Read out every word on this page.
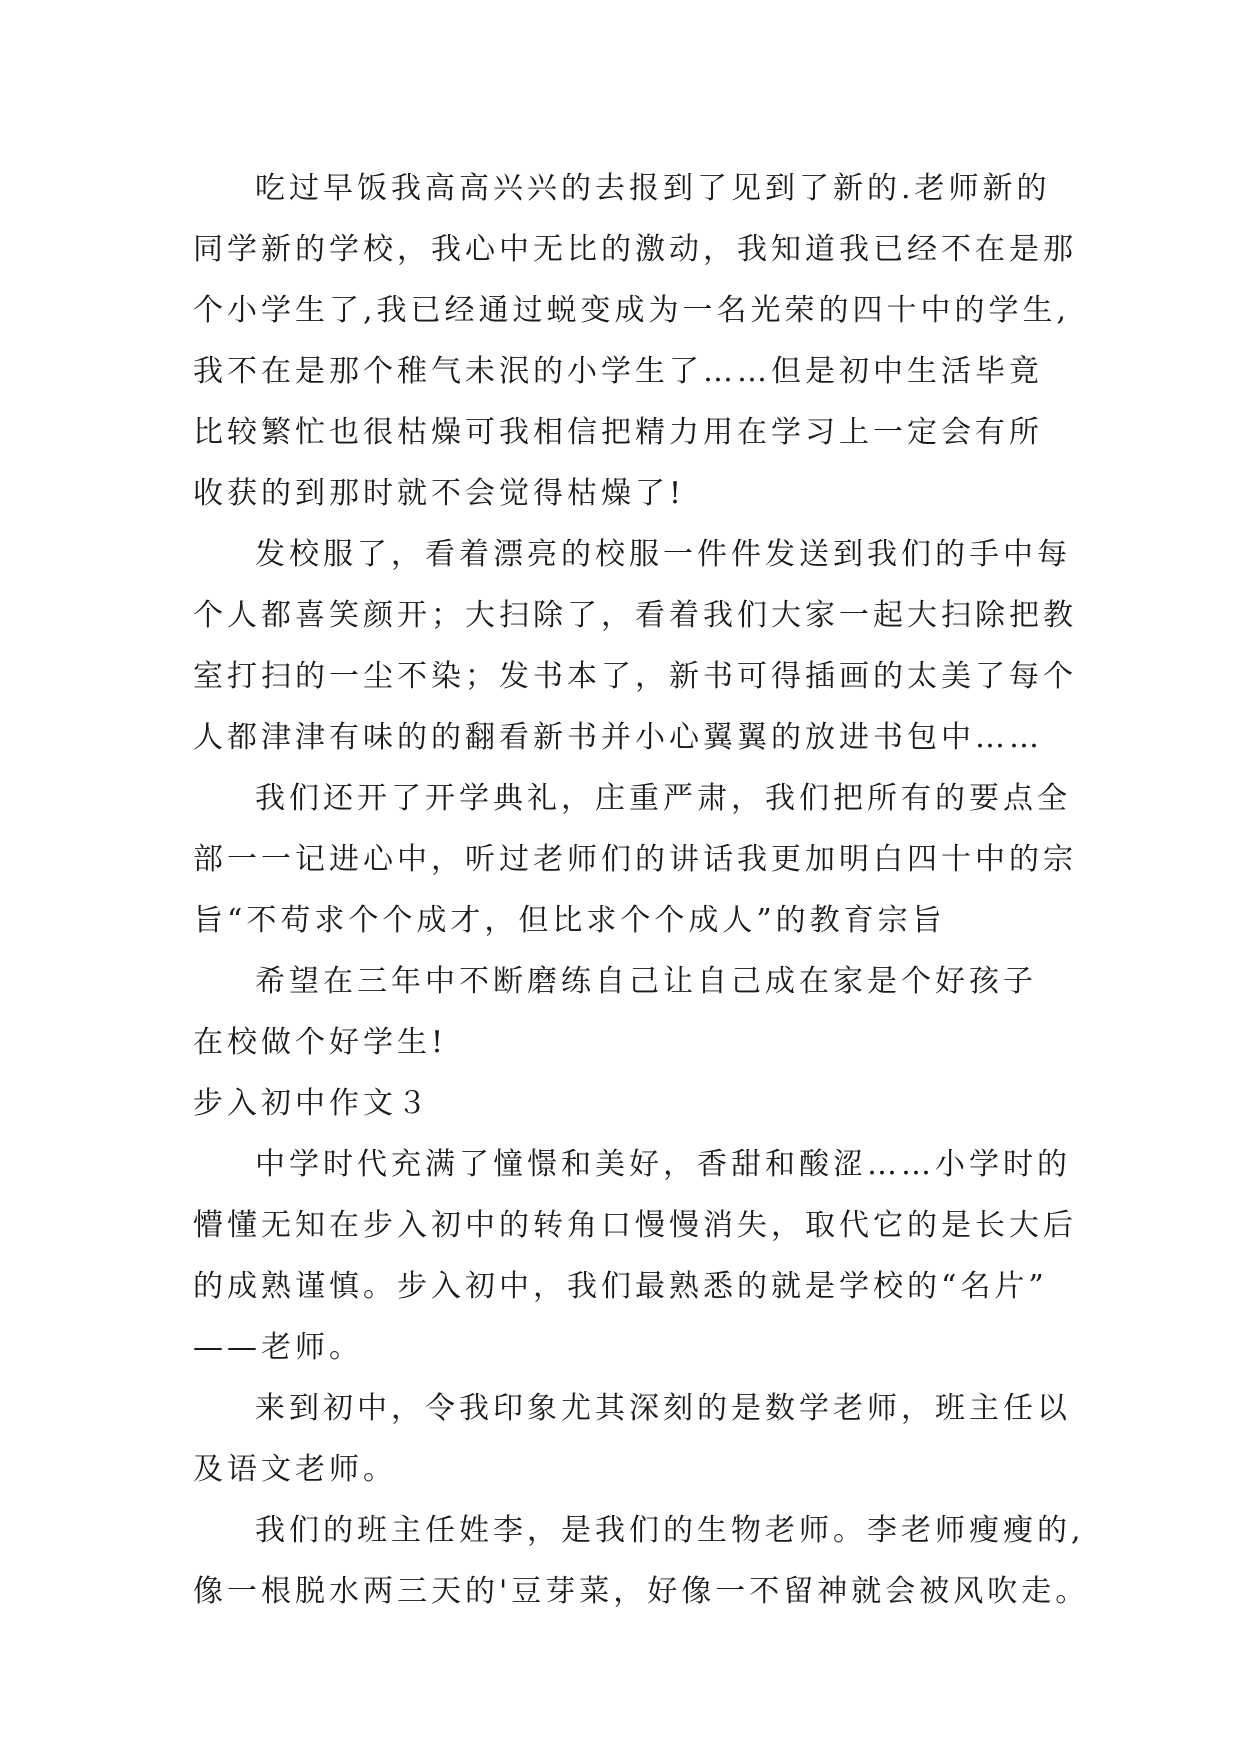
吃过早饭我高高兴兴的去报到了见到了新的.老师新的
同学新的学校，我心中无比的激动，我知道我已经不在是那
个小学生了,我已经通过蜕变成为一名光荣的四十中的学生,
我不在是那个稚气未泯的小学生了……但是初中生活毕竟
比较繁忙也很枯燥可我相信把精力用在学习上一定会有所
收获的到那时就不会觉得枯燥了!
发校服了，看着漂亮的校服一件件发送到我们的手中每
个人都喜笑颜开；大扫除了，看着我们大家一起大扫除把教
室打扫的一尘不染；发书本了，新书可得插画的太美了每个
人都津津有味的的翻看新书并小心翼翼的放进书包中……
我们还开了开学典礼，庄重严肃，我们把所有的要点全
部一一记进心中，听过老师们的讲话我更加明白四十中的宗
旨“不苟求个个成才，但比求个个成人”的教育宗旨
希望在三年中不断磨练自己让自己成在家是个好孩子
在校做个好学生!
步入初中作文３
中学时代充满了憧憬和美好，香甜和酸涩……小学时的
懵懂无知在步入初中的转角口慢慢消失，取代它的是长大后
的成熟谨慎。步入初中，我们最熟悉的就是学校的“名片”
——老师。
来到初中，令我印象尤其深刻的是数学老师，班主任以
及语文老师。
我们的班主任姓李，是我们的生物老师。李老师瘦瘦的,
像一根脱水两三天的'豆芽菜，好像一不留神就会被风吹走。
